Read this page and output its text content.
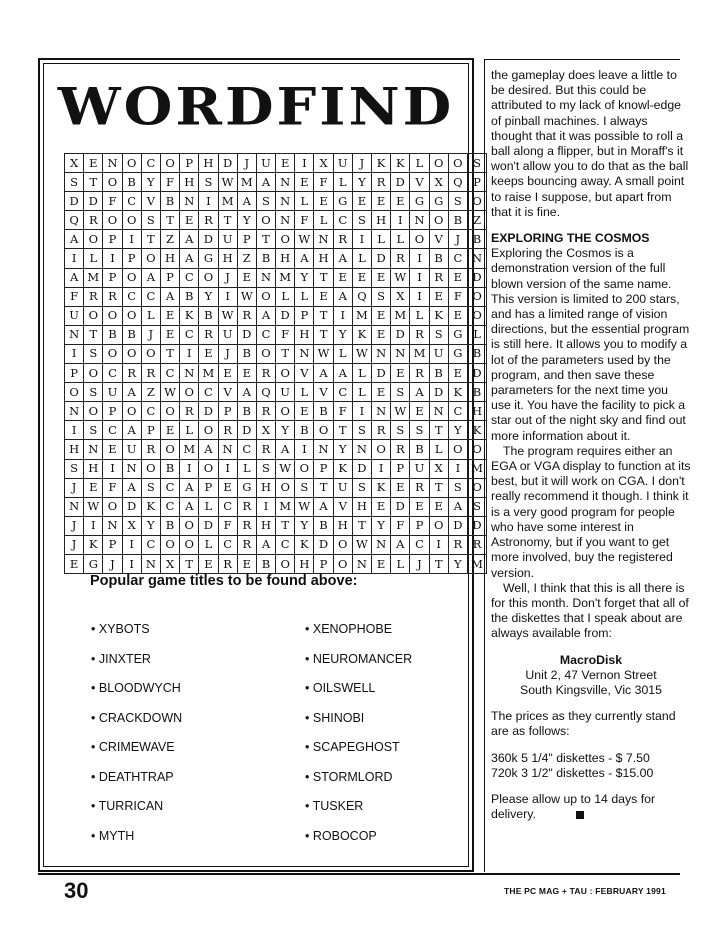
WORDFIND
X	E	N	O	C	O	P	H	D	J	U	E	I	X	U	J	K	K	L	O	O	S
S	T	O	B	Y	F	H	S	W	M	A	N	E	F	L	Y	R	D	V	X	Q	P
D	D	F	C	V	B	N	I	M	A	S	N	L	E	G	E	E	E	G	G	S	O
Q	R	O	O	S	T	E	R	T	Y	O	N	F	L	C	S	H	I	N	O	B	Z
A	O	P	I	T	Z	A	D	U	P	T	O	W	N	R	I	L	L	O	V	J	B
I	L	I	P	O	H	A	G	H	Z	B	H	A	H	A	L	D	R	I	B	C	N
A	M	P	O	A	P	C	O	J	E	N	M	Y	T	E	E	E	W	I	R	E	D
F	R	R	C	C	A	B	Y	I	W	O	L	L	E	A	Q	S	X	I	E	F	O
U	O	O	O	L	E	K	B	W	R	A	D	P	T	I	M	E	M	L	K	E	O
N	T	B	B	J	E	C	R	U	D	C	F	H	T	Y	K	E	D	R	S	G	L
I	S	O	O	O	T	I	E	J	B	O	T	N	W	L	W	N	N	M	U	G	B
P	O	C	R	R	C	N	M	E	E	R	O	V	A	A	L	D	E	R	B	E	D
O	S	U	A	Z	W	O	C	V	A	Q	U	L	V	C	L	E	S	A	D	K	B
N	O	P	O	C	O	R	D	P	B	R	O	E	B	F	I	N	W	E	N	C	H
I	S	C	A	P	E	L	O	R	D	X	Y	B	O	T	S	R	S	S	T	Y	K
H	N	E	U	R	O	M	A	N	C	R	A	I	N	Y	N	O	R	B	L	O	O
S	H	I	N	O	B	I	O	I	L	S	W	O	P	K	D	I	P	U	X	I	M
J	E	F	A	S	C	A	P	E	G	H	O	S	T	U	S	K	E	R	T	S	O
N	W	O	D	K	C	A	L	C	R	I	M	W	A	V	H	E	D	E	E	A	S
J	I	N	X	Y	B	O	D	F	R	H	T	Y	B	H	T	Y	F	P	O	D	D
J	K	P	I	C	O	O	L	C	R	A	C	K	D	O	W	N	A	C	I	R	R
E	G	J	I	N	X	T	E	R	E	B	O	H	P	O	N	E	L	J	T	Y	M
Popular game titles to be found above:
• XYBOTS
• JINXTER
• BLOODWYCH
• CRACKDOWN
• CRIMEWAVE
• DEATHTRAP
• TURRICAN
• MYTH
• XENOPHOBE
• NEUROMANCER
• OILSWELL
• SHINOBI
• SCAPEGHOST
• STORMLORD
• TUSKER
• ROBOCOP

the gameplay does leave a little to be desired. But this could be attributed to my lack of knowl-edge of pinball machines. I always thought that it was possible to roll a ball along a flipper, but in Moraff's it won't allow you to do that as the ball keeps bouncing away. A small point to raise I suppose, but apart from that it is fine.

EXPLORING THE COSMOS

Exploring the Cosmos is a demonstration version of the full blown version of the same name. This version is limited to 200 stars, and has a limited range of vision directions, but the essential program is still here. It allows you to modify a lot of the parameters used by the program, and then save these parameters for the next time you use it. You have the facility to pick a star out of the night sky and find out more information about it.

The program requires either an EGA or VGA display to function at its best, but it will work on CGA. I don't really recommend it though. I think it is a very good program for people who have some interest in Astronomy, but if you want to get more involved, buy the registered version.

Well, I think that this is all there is for this month. Don't forget that all of the diskettes that I speak about are always available from:

MacroDisk
Unit 2, 47 Vernon Street
South Kingsville, Vic 3015

The prices as they currently stand are as follows:

360k 5 1/4" diskettes - $ 7.50

720k 3 1/2" diskettes - $15.00

Please allow up to 14 days for delivery.

30	THE PC MAG + TAU : FEBRUARY 1991
